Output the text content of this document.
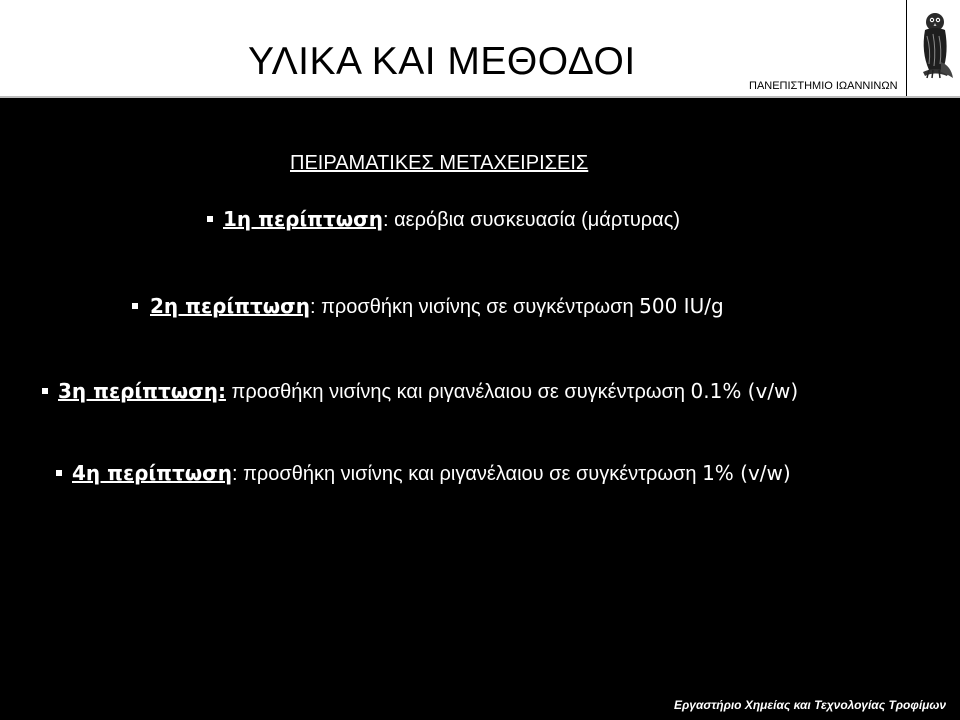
ΥΛΙΚΑ ΚΑΙ ΜΕΘΟΔΟΙ
ΠΑΝΕΠΙΣΤΗΜΙΟ ΙΩΑΝΝΙΝΩΝ
ΠΕΙΡΑΜΑΤΙΚΕΣ ΜΕΤΑΧΕΙΡΙΣΕΙΣ
1η περίπτωση: αερόβια συσκευασία (μάρτυρας)
2η περίπτωση: προσθήκη νισίνης σε συγκέντρωση 500 IU/g
3η περίπτωση: προσθήκη νισίνης και ριγανέλαιου σε συγκέντρωση 0.1% (v/w)
4η περίπτωση: προσθήκη νισίνης και ριγανέλαιου σε συγκέντρωση 1% (v/w)
Εργαστήριο Χημείας και Τεχνολογίας Τροφίμων
